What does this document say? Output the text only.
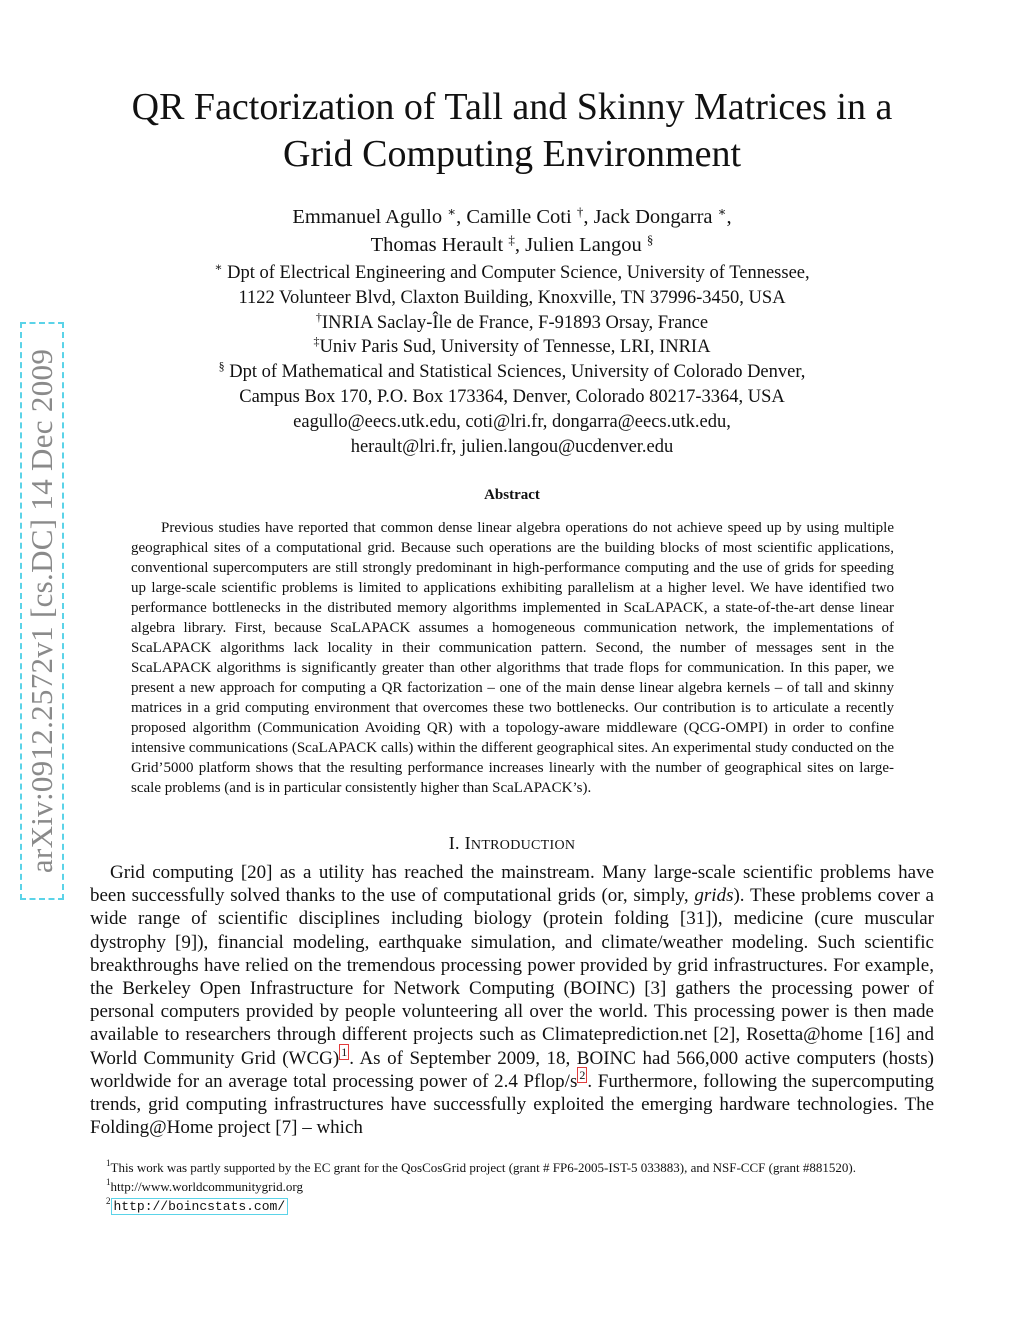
arXiv:0912.2572v1 [cs.DC] 14 Dec 2009
QR Factorization of Tall and Skinny Matrices in a
Grid Computing Environment
Emmanuel Agullo ∗, Camille Coti †, Jack Dongarra ∗,
Thomas Herault ‡, Julien Langou §
∗ Dpt of Electrical Engineering and Computer Science, University of Tennessee,
1122 Volunteer Blvd, Claxton Building, Knoxville, TN 37996-3450, USA
†INRIA Saclay-Île de France, F-91893 Orsay, France
‡Univ Paris Sud, University of Tennesse, LRI, INRIA
§ Dpt of Mathematical and Statistical Sciences, University of Colorado Denver,
Campus Box 170, P.O. Box 173364, Denver, Colorado 80217-3364, USA
eagullo@eecs.utk.edu, coti@lri.fr, dongarra@eecs.utk.edu,
herault@lri.fr, julien.langou@ucdenver.edu
Abstract

Previous studies have reported that common dense linear algebra operations do not achieve speed up by using multiple geographical sites of a computational grid. Because such operations are the building blocks of most scientific applications, conventional supercomputers are still strongly predominant in high-performance computing and the use of grids for speeding up large-scale scientific problems is limited to applications exhibiting parallelism at a higher level. We have identified two performance bottlenecks in the distributed memory algorithms implemented in ScaLAPACK, a state-of-the-art dense linear algebra library. First, because ScaLAPACK assumes a homogeneous communication network, the implementations of ScaLAPACK algorithms lack locality in their communication pattern. Second, the number of messages sent in the ScaLAPACK algorithms is significantly greater than other algorithms that trade flops for communication. In this paper, we present a new approach for computing a QR factorization – one of the main dense linear algebra kernels – of tall and skinny matrices in a grid computing environment that overcomes these two bottlenecks. Our contribution is to articulate a recently proposed algorithm (Communication Avoiding QR) with a topology-aware middleware (QCG-OMPI) in order to confine intensive communications (ScaLAPACK calls) within the different geographical sites. An experimental study conducted on the Grid’5000 platform shows that the resulting performance increases linearly with the number of geographical sites on large-scale problems (and is in particular consistently higher than ScaLAPACK’s).

I. INTRODUCTION

Grid computing [20] as a utility has reached the mainstream. Many large-scale scientific problems have been successfully solved thanks to the use of computational grids (or, simply, grids). These problems cover a wide range of scientific disciplines including biology (protein folding [31]), medicine (cure muscular dystrophy [9]), financial modeling, earthquake simulation, and climate/weather modeling. Such scientific breakthroughs have relied on the tremendous processing power provided by grid infrastructures. For example, the Berkeley Open Infrastructure for Network Computing (BOINC) [3] gathers the processing power of personal computers provided by people volunteering all over the world. This processing power is then made available to researchers through different projects such as Climateprediction.net [2], Rosetta@home [16] and World Community Grid (WCG) $^1$ . As of September 2009, 18, BOINC had 566,000 active computers (hosts) worldwide for an average total processing power of 2.4 Pflop/s $^2$ . Furthermore, following the supercomputing trends, grid computing infrastructures have successfully exploited the emerging hardware technologies. The Folding@Home project [7] – which

$^1$This work was partly supported by the EC grant for the QosCosGrid project (grant # FP6-2005-IST-5 033883), and NSF-CCF (grant #881520).

$^1$http://www.worldcommunitygrid.org

$^2$ http://boincstats.com/
